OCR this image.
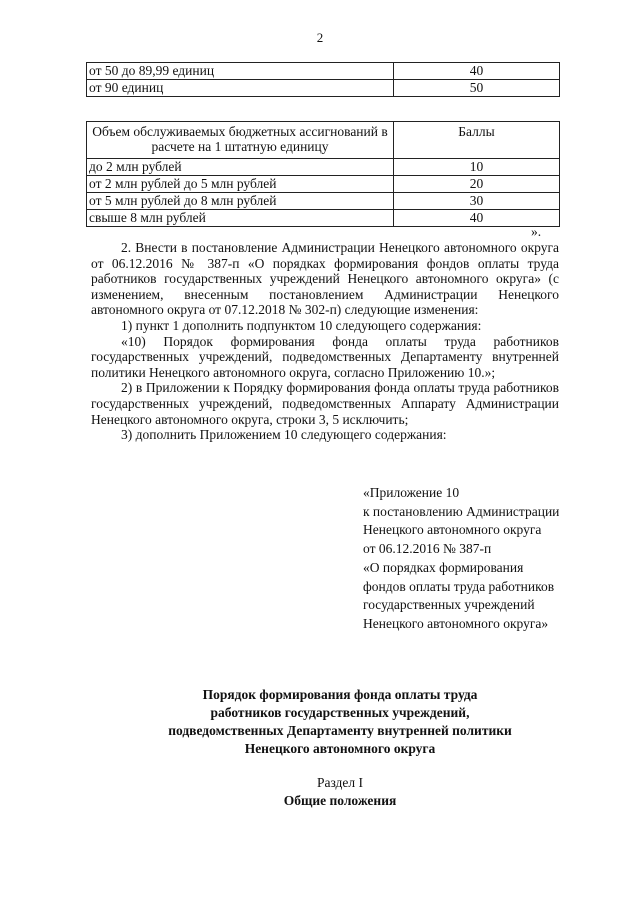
2
от 50 до 89,99 единиц	40
от 90 единиц	50
Объем обслуживаемых бюджетных ассигнований в расчете на 1 штатную единицу	Баллы
до 2 млн рублей	10
от 2 млн рублей до 5 млн рублей	20
от 5 млн рублей до 8 млн рублей	30
свыше 8 млн рублей	40
».

2. Внести в постановление Администрации Ненецкого автономного округа от 06.12.2016 № 387-п «О порядках формирования фондов оплаты труда работников государственных учреждений Ненецкого автономного округа» (с изменением, внесенным постановлением Администрации Ненецкого автономного округа от 07.12.2018 № 302-п) следующие изменения:

1) пункт 1 дополнить подпунктом 10 следующего содержания:

«10) Порядок формирования фонда оплаты труда работников государственных учреждений, подведомственных Департаменту внутренней политики Ненецкого автономного округа, согласно Приложению 10.»;

2) в Приложении к Порядку формирования фонда оплаты труда работников государственных учреждений, подведомственных Аппарату Администрации Ненецкого автономного округа, строки 3, 5 исключить;

3) дополнить Приложением 10 следующего содержания:

«Приложение 10
к постановлению Администрации
Ненецкого автономного округа
от 06.12.2016 № 387-п
«О порядках формирования
фондов оплаты труда работников
государственных учреждений
Ненецкого автономного округа»
Порядок формирования фонда оплаты труда
работников государственных учреждений,
подведомственных Департаменту внутренней политики
Ненецкого автономного округа
Раздел I
Общие положения
